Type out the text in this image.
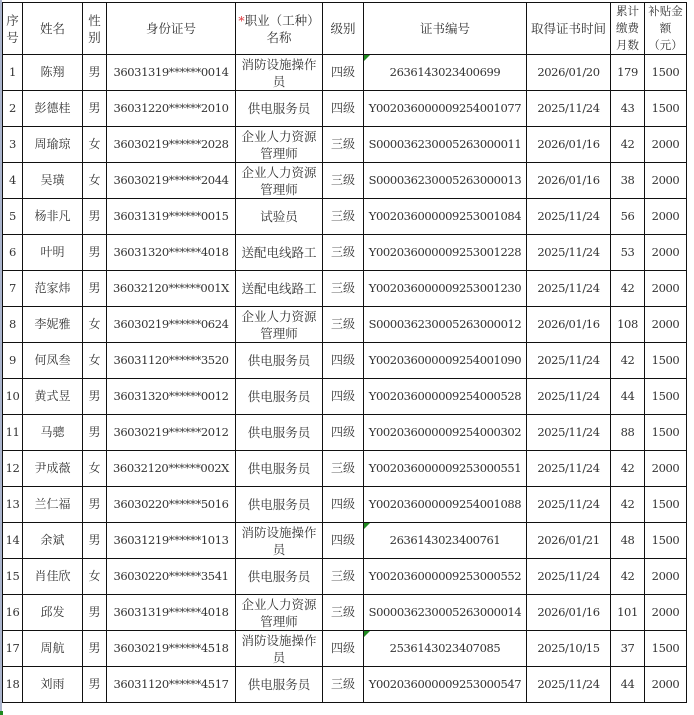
序号	姓名	性别	身份证号	*职业（工种）名称	级别	证书编号	取得证书时间	累计缴费月数	补贴金额（元）
1	陈翔	男	36031319******0014	消防设施操作员	四级	2636143023400699	2026/01/20	179	1500
2	彭德桂	男	36031220******2010	供电服务员	四级	Y002036000009254001077	2025/11/24	43	1500
3	周瑜琼	女	36030219******2028	企业人力资源管理师	三级	S000036230005263000011	2026/01/16	42	2000
4	吴璜	女	36030219******2044	企业人力资源管理师	三级	S000036230005263000013	2026/01/16	38	2000
5	杨非凡	男	36031319******0015	试验员	三级	Y002036000009253001084	2025/11/24	56	2000
6	叶明	男	36031320******4018	送配电线路工	三级	Y002036000009253001228	2025/11/24	53	2000
7	范家炜	男	36032120******001X	送配电线路工	三级	Y002036000009253001230	2025/11/24	42	2000
8	李妮雅	女	36030219******0624	企业人力资源管理师	三级	S000036230005263000012	2026/01/16	108	2000
9	何凤叁	女	36031120******3520	供电服务员	四级	Y002036000009254001090	2025/11/24	42	1500
10	黄式昱	男	36031320******0012	供电服务员	四级	Y002036000009254000528	2025/11/24	44	1500
11	马骢	男	36030219******2012	供电服务员	四级	Y002036000009254000302	2025/11/24	88	1500
12	尹成薇	女	36032120******002X	供电服务员	三级	Y002036000009253000551	2025/11/24	42	2000
13	兰仁福	男	36030220******5016	供电服务员	四级	Y002036000009254001088	2025/11/24	42	1500
14	余斌	男	36031219******1013	消防设施操作员	四级	2636143023400761	2026/01/21	48	1500
15	肖佳欣	女	36030220******3541	供电服务员	三级	Y002036000009253000552	2025/11/24	42	2000
16	邱发	男	36031319******4018	企业人力资源管理师	三级	S000036230005263000014	2026/01/16	101	2000
17	周航	男	36030219******4518	消防设施操作员	四级	2536143023407085	2025/10/15	37	1500
18	刘雨	男	36031120******4517	供电服务员	三级	Y002036000009253000547	2025/11/24	44	2000
